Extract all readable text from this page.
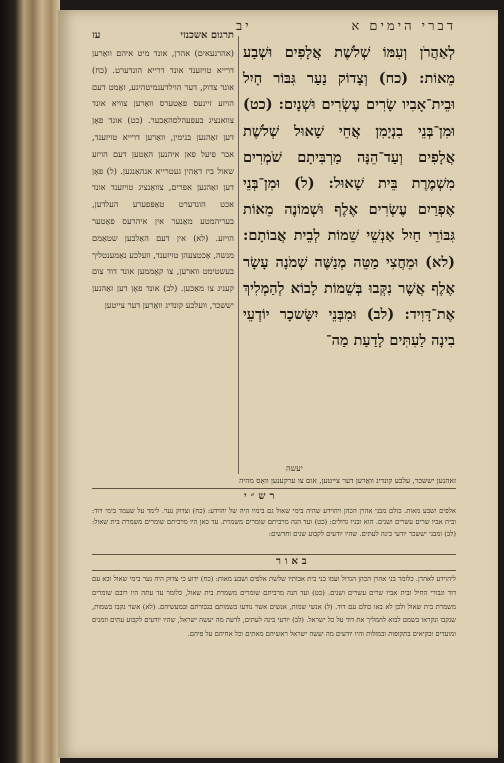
דברי הימים א
יב
תרגום אשכנזי
עז
(אהרנעאים) אהרן, אונד מיט איהם וואַרען דרייא טויזענד אונד דרייא הונדערט. (כח) אונד צדוק, דער הוילדענמיטהיגע, זאַמט דעם הויזע זיינעס פאַטערס וואַרען צוויא אונד צוואנציג בעפעהלסהאַבער. (כט) אונד פאָן דען זאַהנען בנימין, וואַרען דרייא טויזענד, אבר פיעל פאן איהנען האַטען דעם הויזע שאול ביז דאַהין געטרייא אנהאַנגען. (ל) פאָן דען זאַהנען אפרים, צוואַנציג טויזענד אונד אכט הונדערט טאַפּפערע העלדען, בעריהמטע מאַנער אין איהרעס פאַטער הויזע. (לא) אין דעם האַלבען שטאַמם מנשה, אַכטצעהן טויזענד, וועלכע נאַמענטליך בעשטימט ווארען, צו קאָממען אונד דוד צום קעניג צו מאַכען. (לב) אונד פאָן דען זאַהנען יששכר, וועלכע קונדיג וואַרען דער צייטען
לְאַהֲרֹן וְעִמּוֹ שְׁלֹשֶׁת אֲלָפִים וּשְׁבַע מֵאוֹת: (כח) וְצָדוֹק נַעַר גִּבּוֹר חָיִל וּבֵית־אָבִיו שָׂרִים עֶשְׂרִים וּשְׁנָיִם: (כט) וּמִן־בְּנֵי בִנְיָמִן אֲחֵי שָׁאוּל שְׁלֹשֶׁת אֲלָפִים וְעַד־הֵנָּה מַרְבִּיתָם שֹׁמְרִים מִשְׁמֶרֶת בֵּית שָׁאוּל: (ל) וּמִן־בְּנֵי אֶפְרַיִם עֶשְׂרִים אֶלֶף וּשְׁמוֹנֶה מֵאוֹת גִּבּוֹרֵי חַיִל אַנְשֵׁי שֵׁמוֹת לְבֵית אֲבוֹתָם: (לא) וּמֵחֲצִי מַטֵּה מְנַשֶּׁה שְׁמֹנָה עָשָׂר אֶלֶף אֲשֶׁר נִקְּבוּ בְּשֵׁמוֹת לָבוֹא לְהַמְלִיךְ אֶת־דָּוִיד: (לב) וּמִבְּנֵי יִשָּׂשכָר יוֹדְעֵי בִינָה לַעִתִּים לָדַעַת מַה־
יעשה
זאהנען יששכר, עלבע קונדיג וואַרען דער צייטען, אום צו ערקענען וואָס מהיה
רש״י
אלפים ושבע מאות. כולם מבני אהרן הכהן ויהוידע שהיה בימי שאול גם בימיו היה של יהוידע: (כח) וצדוק נער. לימד על שעמד בימי דוד: ובית אביו שרים עשרים ושנים. הוא ובניו גדולים: (כט) ועד הנה מרביתם שומרים משמרת. עד כאן היו מרביתם שומרים משמרת בית שאול: (לב) ומבני יששכר יודעי בינה לעתים. שהיו יודעים לקבוע שנים וחדשים:
באור
ליהוידע לאהרן. כלומר בני אהרן הכהן הגדול ועמו בני בית אבותיו שלשת אלפים ושבע מאות: (כח) ידוע כי צדוק היה נער בימי שאול ובא עם דוד וגבורי החיל ובית אביו שרים עשרים ושנים. (כט) ועד הנה מרביתם שומרים משמרת בית שאול, כלומר עד עתה היו רובם שומרים משמרת בית שאול ולכן לא באו כולם עם דוד. (ל) אנשי שמות, אנשים אשר נודעו בשמותם בגבורתם ובמעשיהם. (לא) אשר נקבו בשמות, שנקבו ונקראו בשמם לבוא להמליך את דוד על כל ישראל. (לב) יודעי בינה לעתים, לדעת מה יעשה ישראל, שהיו יודעים לקבוע עתים וזמנים ומועדים ובקיאים בתקופות ובמזלות והיו יודעים מה יעשה ישראל ראשיהם מאתים וכל אחיהם על פיהם.
